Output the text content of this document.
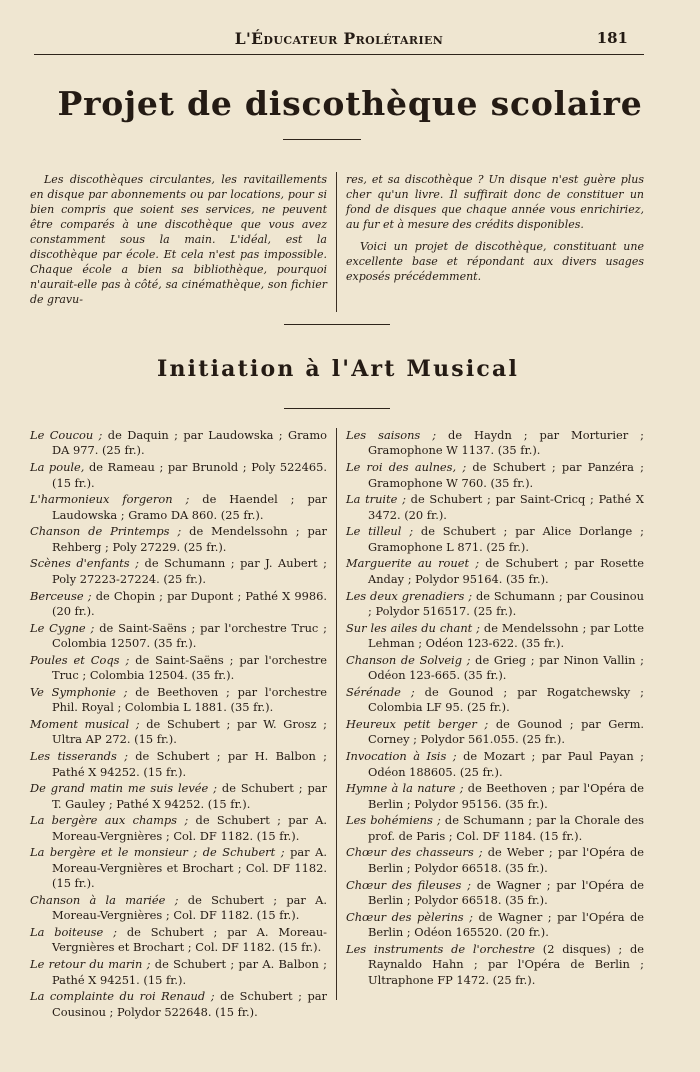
L'Éducateur Prolétarien	181
Projet de discothèque scolaire

Les discothèques circulantes, les ravitaillements en disque par abonnements ou par locations, pour si bien compris que soient ses services, ne peuvent être comparés à une discothèque que vous avez constamment sous la main. L'idéal, est la discothèque par école. Et cela n'est pas impossible. Chaque école a bien sa bibliothèque, pourquoi n'aurait-elle pas à côté, sa cinémathèque, son fichier de gravu-

res, et sa discothèque ? Un disque n'est guère plus cher qu'un livre. Il suffirait donc de constituer un fond de disques que chaque année vous enrichiriez, au fur et à mesure des crédits disponibles.

Voici un projet de discothèque, constituant une excellente base et répondant aux divers usages exposés précédemment.

Initiation à l'Art Musical

Le Coucou ; de Daquin ; par Laudowska ; Gramo DA 977. (25 fr.).

La poule, de Rameau ; par Brunold ; Poly 522465. (15 fr.).

L'harmonieux forgeron ; de Haendel ; par Laudowska ; Gramo DA 860. (25 fr.).

Chanson de Printemps ; de Mendelssohn ; par Rehberg ; Poly 27229. (25 fr.).

Scènes d'enfants ; de Schumann ; par J. Aubert ; Poly 27223-27224. (25 fr.).

Berceuse ; de Chopin ; par Dupont ; Pathé X 9986. (20 fr.).

Le Cygne ; de Saint-Saëns ; par l'orchestre Truc ; Colombia 12507. (35 fr.).

Poules et Coqs ; de Saint-Saëns ; par l'orchestre Truc ; Colombia 12504. (35 fr.).

Ve Symphonie ; de Beethoven ; par l'orchestre Phil. Royal ; Colombia L 1881. (35 fr.).

Moment musical ; de Schubert ; par W. Grosz ; Ultra AP 272. (15 fr.).

Les tisserands ; de Schubert ; par H. Balbon ; Pathé X 94252. (15 fr.).

De grand matin me suis levée ; de Schubert ; par T. Gauley ; Pathé X 94252. (15 fr.).

La bergère aux champs ; de Schubert ; par A. Moreau-Vergnières ; Col. DF 1182. (15 fr.).

La bergère et le monsieur ; de Schubert ; par A. Moreau-Vergnières et Brochart ; Col. DF 1182. (15 fr.).

Chanson à la mariée ; de Schubert ; par A. Moreau-Vergnières ; Col. DF 1182. (15 fr.).

La boiteuse ; de Schubert ; par A. Moreau-Vergnières et Brochart ; Col. DF 1182. (15 fr.).

Le retour du marin ; de Schubert ; par A. Balbon ; Pathé X 94251. (15 fr.).

La complainte du roi Renaud ; de Schubert ; par Cousinou ; Polydor 522648. (15 fr.).

Les saisons ; de Haydn ; par Morturier ; Gramophone W 1137. (35 fr.).

Le roi des aulnes, ; de Schubert ; par Panzéra ; Gramophone W 760. (35 fr.).

La truite ; de Schubert ; par Saint-Cricq ; Pathé X 3472. (20 fr.).

Le tilleul ; de Schubert ; par Alice Dorlange ; Gramophone L 871. (25 fr.).

Marguerite au rouet ; de Schubert ; par Rosette Anday ; Polydor 95164. (35 fr.).

Les deux grenadiers ; de Schumann ; par Cousinou ; Polydor 516517. (25 fr.).

Sur les ailes du chant ; de Mendelssohn ; par Lotte Lehman ; Odéon 123-622. (35 fr.).

Chanson de Solveig ; de Grieg ; par Ninon Vallin ; Odéon 123-665. (35 fr.).

Sérénade ; de Gounod ; par Rogatchewsky ; Colombia LF 95. (25 fr.).

Heureux petit berger ; de Gounod ; par Germ. Corney ; Polydor 561.055. (25 fr.).

Invocation à Isis ; de Mozart ; par Paul Payan ; Odéon 188605. (25 fr.).

Hymne à la nature ; de Beethoven ; par l'Opéra de Berlin ; Polydor 95156. (35 fr.).

Les bohémiens ; de Schumann ; par la Chorale des prof. de Paris ; Col. DF 1184. (15 fr.).

Chœur des chasseurs ; de Weber ; par l'Opéra de Berlin ; Polydor 66518. (35 fr.).

Chœur des fileuses ; de Wagner ; par l'Opéra de Berlin ; Polydor 66518. (35 fr.).

Chœur des pèlerins ; de Wagner ; par l'Opéra de Berlin ; Odéon 165520. (20 fr.).

Les instruments de l'orchestre (2 disques) ; de Raynaldo Hahn ; par l'Opéra de Berlin ; Ultraphone FP 1472. (25 fr.).
